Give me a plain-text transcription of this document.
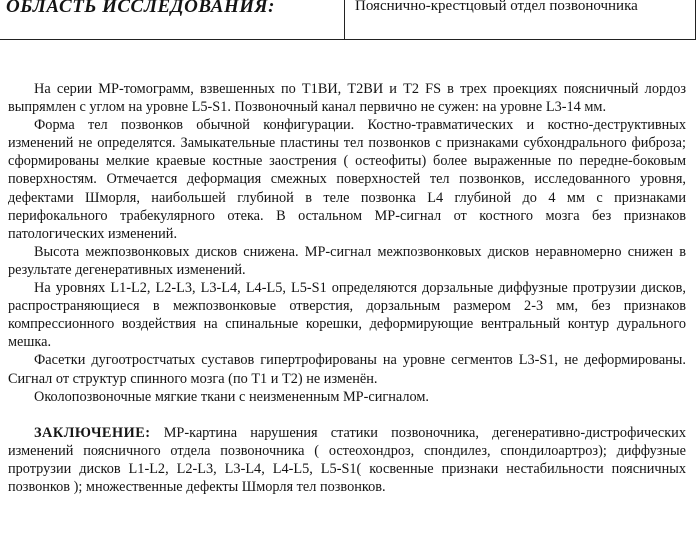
ОБЛАСТЬ ИССЛЕДОВАНИЯ:	Пояснично-крестцовый отдел позвоночника

На серии МР-томограмм, взвешенных по Т1ВИ, Т2ВИ и Т2 FS в трех проекциях поясничный лордоз выпрямлен с углом на уровне L5-S1. Позвоночный канал первично не сужен: на уровне L3-14 мм.

Форма тел позвонков обычной конфигурации. Костно-травматических и костно-деструктивных изменений не определятся. Замыкательные пластины тел позвонков с признаками субхондрального фиброза; сформированы мелкие краевые костные заострения ( остеофиты) более выраженные по передне-боковым поверхностям. Отмечается деформация смежных поверхностей тел позвонков, исследованного уровня, дефектами Шморля, наибольшей глубиной в теле позвонка L4 глубиной до 4 мм с признаками перифокального трабекулярного отека. В остальном МР-сигнал от костного мозга без признаков патологических изменений.

Высота межпозвонковых дисков снижена. МР-сигнал межпозвонковых дисков неравномерно снижен в результате дегенеративных изменений.

На уровнях L1-L2, L2-L3, L3-L4, L4-L5, L5-S1 определяются дорзальные диффузные протрузии дисков, распространяющиеся в межпозвонковые отверстия, дорзальным размером 2-3 мм, без признаков компрессионного воздействия на спинальные корешки, деформирующие вентральный контур дурального мешка.

Фасетки дугоотростчатых суставов гипертрофированы на уровне сегментов L3-S1, не деформированы. Сигнал от структур спинного мозга (по Т1 и Т2) не изменён.

Околопозвоночные мягкие ткани с неизмененным МР-сигналом.

ЗАКЛЮЧЕНИЕ: МР-картина нарушения статики позвоночника, дегенеративно-дистрофических изменений поясничного отдела позвоночника ( остеохондроз, спондилез, спондилоартроз); диффузные протрузии дисков L1-L2, L2-L3, L3-L4, L4-L5, L5-S1( косвенные признаки нестабильности поясничных позвонков ); множественные дефекты Шморля тел позвонков.
